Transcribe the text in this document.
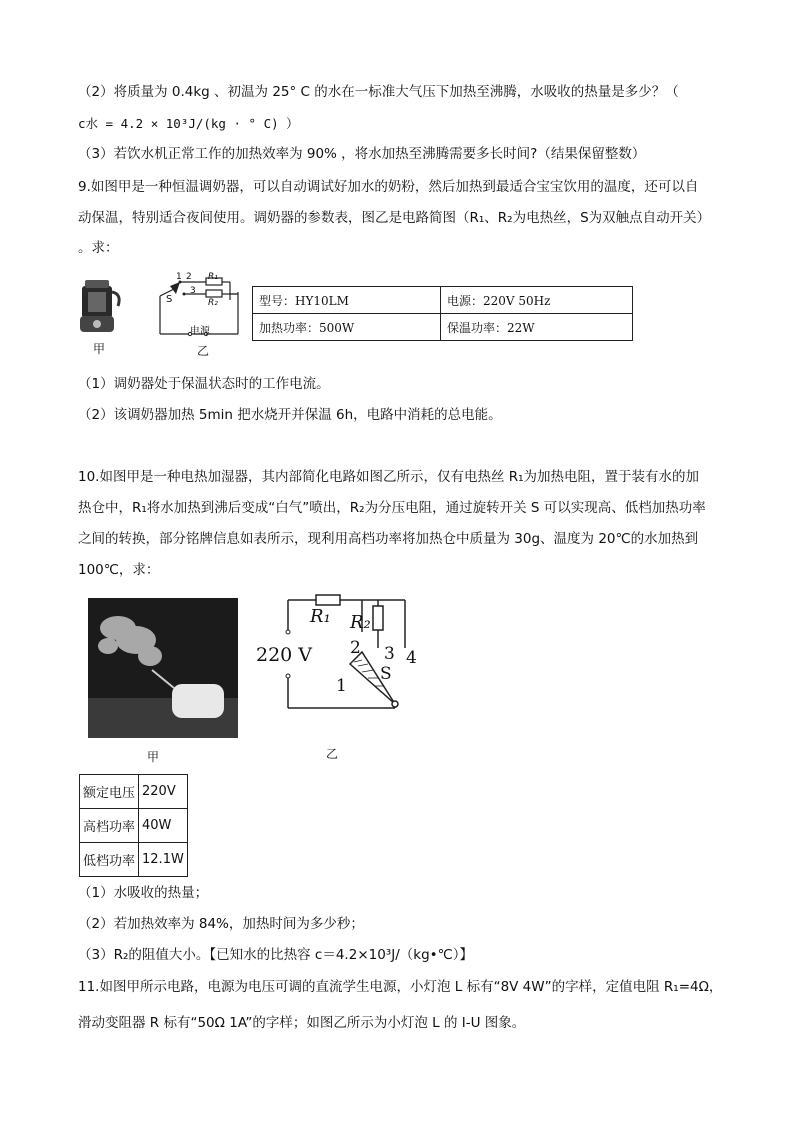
（2）将质量为 0.4kg 、初温为 25° C 的水在一标准大气压下加热至沸腾，水吸收的热量是多少？（
c水 = 4.2 × 10³J/(kg · ° C) ）
（3）若饮水机正常工作的加热效率为 90% ，将水加热至沸腾需要多长时间?（结果保留整数）
9.如图甲是一种恒温调奶器，可以自动调试好加水的奶粉，然后加热到最适合宝宝饮用的温度，还可以自
动保温，特别适合夜间使用。调奶器的参数表，图乙是电路简图（R₁、R₂为电热丝，S为双触点自动开关）
。求：
甲
1 2
3
R₁
R₂
S
电源
乙
型号：HY10LM	电源：220V 50Hz
加热功率：500W	保温功率：22W
（1）调奶器处于保温状态时的工作电流。
（2）该调奶器加热 5min 把水烧开并保温 6h，电路中消耗的总电能。
10.如图甲是一种电热加湿器，其内部简化电路如图乙所示，仅有电热丝 R₁为加热电阻，置于装有水的加
热仓中，R₁将水加热到沸后变成“白气”喷出，R₂为分压电阻，通过旋转开关 S 可以实现高、低档加热功率
之间的转换，部分铭牌信息如表所示，现利用高档功率将加热仓中质量为 30g、温度为 20℃的水加热到
100℃，求：
甲
220 V
R₁ R₂
2 3 4
1
S
乙
额定电压	220V
高档功率	40W
低档功率	12.1W
（1）水吸收的热量；
（2）若加热效率为 84%，加热时间为多少秒；
（3）R₂的阻值大小。【已知水的比热容 c＝4.2×10³J/（kg•℃）】
11.如图甲所示电路，电源为电压可调的直流学生电源，小灯泡 L 标有“8V 4W”的字样，定值电阻 R₁=4Ω，
滑动变阻器 R 标有“50Ω 1A”的字样；如图乙所示为小灯泡 L 的 I-U 图象。
